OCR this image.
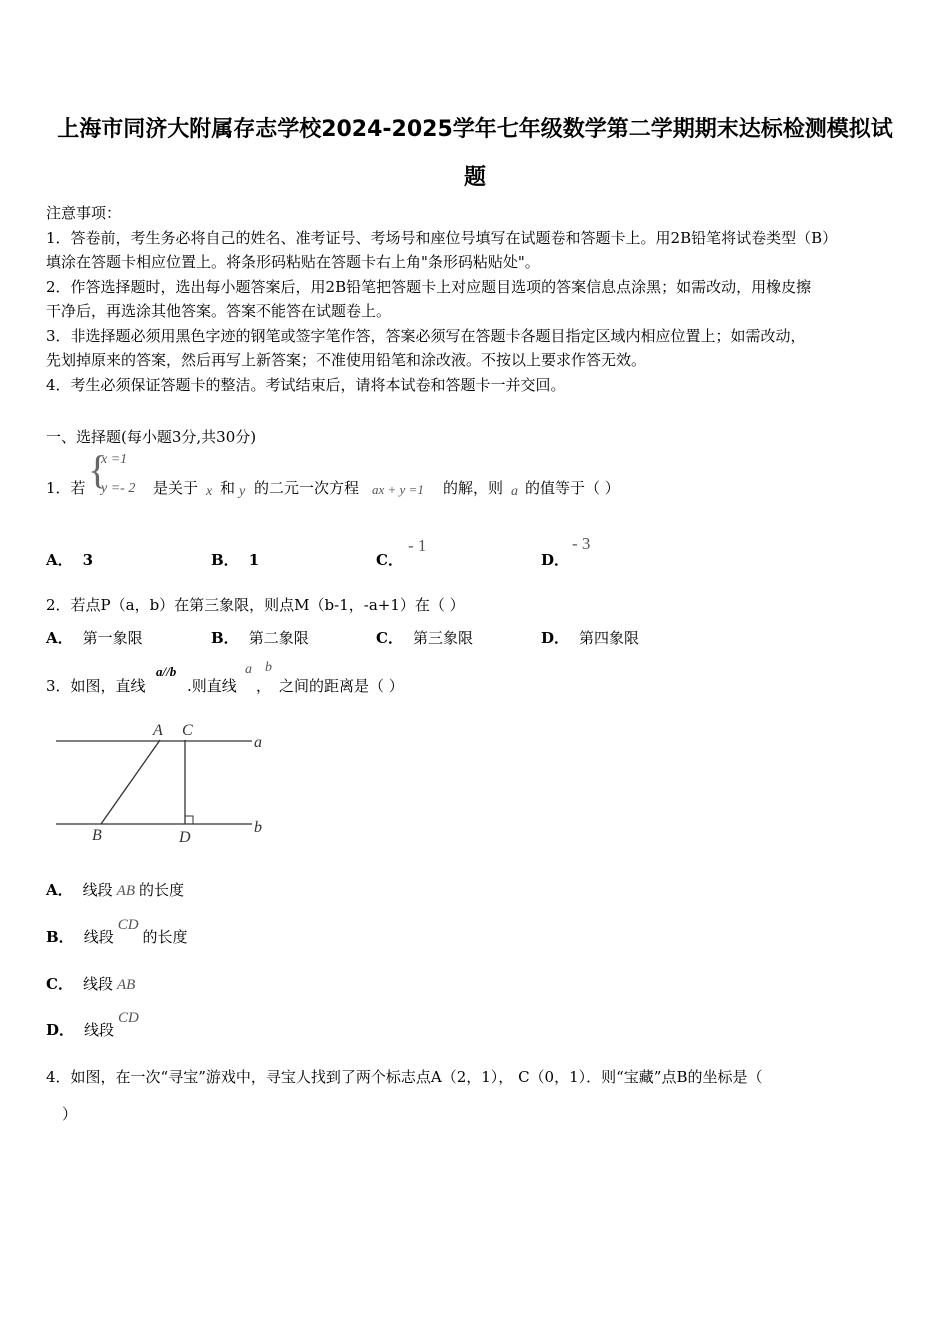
上海市同济大附属存志学校2024-2025学年七年级数学第二学期期末达标检测模拟试
题
注意事项：
1．答卷前，考生务必将自己的姓名、准考证号、考场号和座位号填写在试题卷和答题卡上。用2B铅笔将试卷类型（B）
填涂在答题卡相应位置上。将条形码粘贴在答题卡右上角"条形码粘贴处"。
2．作答选择题时，选出每小题答案后，用2B铅笔把答题卡上对应题目选项的答案信息点涂黑；如需改动，用橡皮擦
干净后，再选涂其他答案。答案不能答在试题卷上。
3．非选择题必须用黑色字迹的钢笔或签字笔作答，答案必须写在答题卡各题目指定区域内相应位置上；如需改动，
先划掉原来的答案，然后再写上新答案；不准使用铅笔和涂改液。不按以上要求作答无效。
4．考生必须保证答题卡的整洁。考试结束后，请将本试卷和答题卡一并交回。
一、选择题(每小题3分,共30分)
1．若 {
x =1
y =- 2 是关于 x 和 y 的二元一次方程 ax + y =1 的解，则 a 的值等于（ ）
A． 3	B． 1	C．
- 1
D．
- 3
2．若点P（a，b）在第三象限，则点M（b-1，-a+1）在（ ）
A． 第一象限	B． 第二象限	C． 第三象限	D． 第四象限
3．如图，直线
a//b
.则直线
a
，
b
之间的距离是（ ）
A C
a
B	D
b
A． 线段 AB 的长度
B． 线段CD的长度
C． 线段 AB
D． 线段CD
4．如图，在一次“寻宝”游戏中，寻宝人找到了两个标志点A（2，1）， C（0，1）．则“宝藏”点B的坐标是（
）
